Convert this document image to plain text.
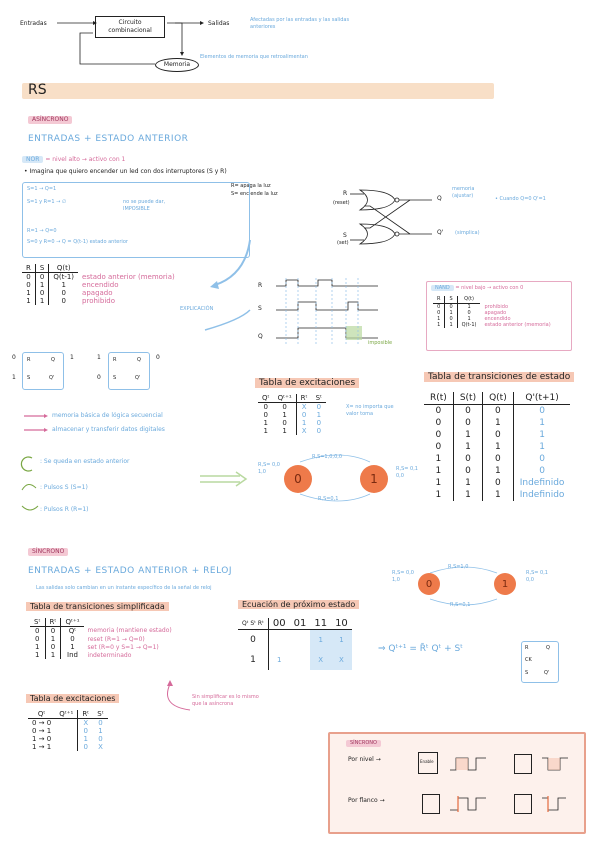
Entradas	Circuito combinacional
Salidas	Afectadas por las entradas y las salidas anteriores
Memoria
Elementos de memoria que retroalimentan
RS
ASÍNCRONO
ENTRADAS + ESTADO ANTERIOR
NOR = nivel alto → activo con 1
• Imagina que quiero encender un led con dos interruptores (S y R)
R= apaga la luz
S= enciende la luz
S=1 → Q=1
S=1 y R=1 → ∅	no se puede dar, IMPOSIBLE
R=1 → Q=0
S=0 y R=0 → Q = Q(t-1) estado anterior
R
(reset)
S
(set)
Q
memoria (ajustar)
Q' (simplica)
• Cuando Q=0 Q'=1
R	S	Q(t)	
0	0	Q(t-1)	estado anterior (memoria)
0	1	1	encendido
1	0	0	apagado
1	1	0	prohibido
EXPLICACIÓN
R
S
Q
imposible
NAND = nivel bajo → activo con 0
R	S	Q(t)	
0	0	1	prohibido
0	1	0	apagado
1	0	1	encendido
1	1	Q(t-1)	estado anterior (memoria)
R
S
Q
Q'
0
1
1	R
S
Q
Q'
1
0
0
Tabla de excitaciones
Qᵗ	Qᵗ⁺¹	Rᵗ	Sᵗ
0	0	X	0
0	1	0	1
1	0	1	0
1	1	X	0
X= no importa que valor toma
Tabla de transiciones de estado
R(t)	S(t)	Q(t)	Q'(t+1)
0	0	0	0
0	0	1	1
0	1	0	1
0	1	1	1
1	0	0	0
1	0	1	0
1	1	0	Indefinido
1	1	1	Indefinido
memoria básica de lógica secuencial
almacenar y transferir datos digitales
: Se queda en estado anterior
: Pulsos S (S=1)
: Pulsos R (R=1)
0	1
R,S=1,0;0,0
R,S=0,1
R,S= 0,0 1,0	R,S= 0,1 0,0
SÍNCRONO
ENTRADAS + ESTADO ANTERIOR + RELOJ
Las salidas solo cambian en un instante específico de la señal de reloj	0	1
R,S=1,0
R,S=0,1
R,S= 0,0 1,0
R,S= 0,1 0,0
Tabla de transiciones simplificada
Sᵗ	Rᵗ	Qᵗ⁺¹	
0	0	Qᵗ	memoria (mantiene estado)
0	1	0	reset (R=1 → Q=0)
1	0	1	set (R=0 y S=1 → Q=1)
1	1	Ind	indeterminado
Ecuación de próximo estado
Qᵗ Sᵗ Rᵗ	00	01	11	10
0			1	1
1	1		X	X
⇒ Qᵗ⁺¹ = R̄ᵗ Qᵗ + Sᵗ	R
CK
S
Q
Q'
Tabla de excitaciones
Qᵗ	Qᵗ⁺¹	Rᵗ	Sᵗ
0 → 0		X	0
0 → 1		0	1
1 → 0		1	0
1 → 1		0	X
Sin simplificar es lo mismo que la asíncrona
SÍNCRONO
Por nivel →
Por flanco →
Enable
